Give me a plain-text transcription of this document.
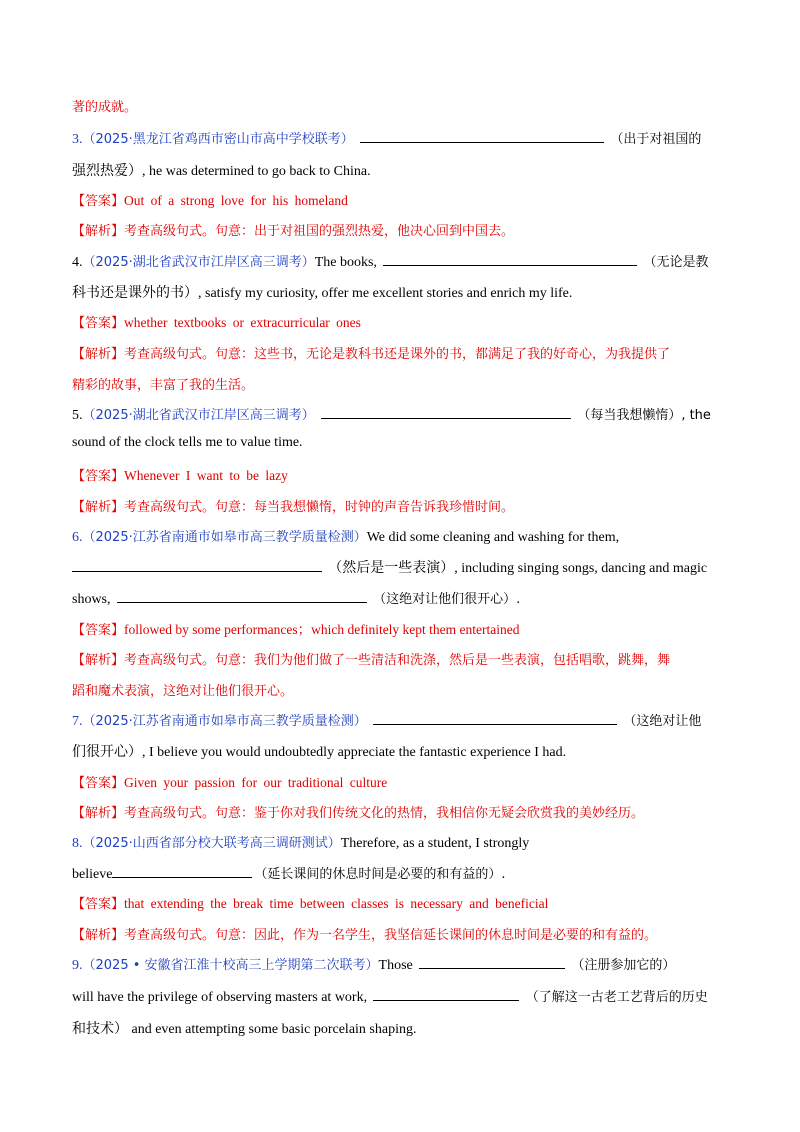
著的成就。
3.（2025·黑龙江省鸡西市密山市高中学校联考）	（出于对祖国的
强烈热爱）, he was determined to go back to China.
【答案】Out of a strong love for his homeland
【解析】考查高级句式。句意：出于对祖国的强烈热爱，他决心回到中国去。
4.（2025·湖北省武汉市江岸区高三调考）The books,	（无论是教
科书还是课外的书）, satisfy my curiosity, offer me excellent stories and enrich my life.
【答案】whether textbooks or extracurricular ones
【解析】考查高级句式。句意：这些书，无论是教科书还是课外的书，都满足了我的好奇心，为我提供了
精彩的故事，丰富了我的生活。
5.（2025·湖北省武汉市江岸区高三调考）	（每当我想懒惰）, the
sound of the clock tells me to value time.
【答案】Whenever I want to be lazy
【解析】考查高级句式。句意：每当我想懒惰，时钟的声音告诉我珍惜时间。
6.（2025·江苏省南通市如皋市高三教学质量检测）We did some cleaning and washing for them,
（然后是一些表演）, including singing songs, dancing and magic
shows,	（这绝对让他们很开心）.
【答案】followed by some performances；which definitely kept them entertained
【解析】考查高级句式。句意：我们为他们做了一些清洁和洗涤，然后是一些表演，包括唱歌，跳舞，舞
蹈和魔术表演，这绝对让他们很开心。
7.（2025·江苏省南通市如皋市高三教学质量检测）	（这绝对让他
们很开心）, I believe you would undoubtedly appreciate the fantastic experience I had.
【答案】Given your passion for our traditional culture
【解析】考查高级句式。句意：鉴于你对我们传统文化的热情，我相信你无疑会欣赏我的美妙经历。
8.（2025·山西省部分校大联考高三调研测试）Therefore, as a student, I strongly
believe	（延长课间的休息时间是必要的和有益的）.
【答案】that extending the break time between classes is necessary and beneficial
【解析】考查高级句式。句意：因此，作为一名学生，我坚信延长课间的休息时间是必要的和有益的。
9.（2025 • 安徽省江淮十校高三上学期第二次联考）Those	（注册参加它的）
will have the privilege of observing masters at work,	（了解这一古老工艺背后的历史
和技术） and even attempting some basic porcelain shaping.
